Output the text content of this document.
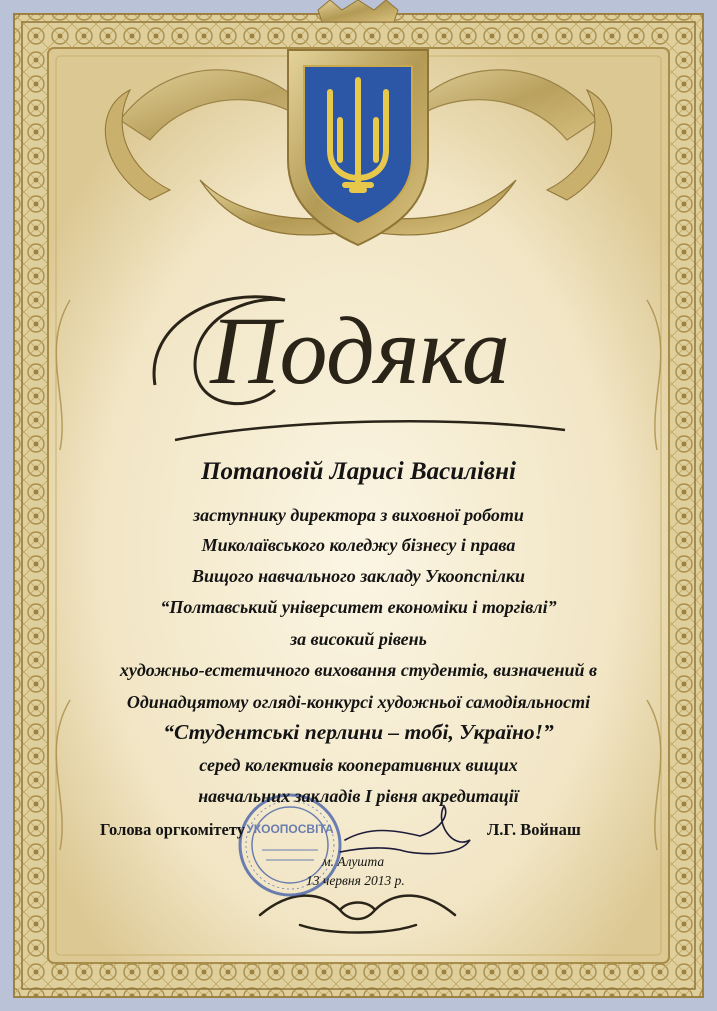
УКООПОСВІТА
Подяка
Потаповій Ларисі Василівні
заступнику директора з виховної роботи
Миколаївського коледжу бізнесу і права
Вищого навчального закладу Укоопспілки
“Полтавський університет економіки і торгівлі”
за високий рівень
художньо-естетичного виховання студентів, визначений в
Одинадцятому огляді-конкурсі художньої самодіяльності
“Студентські перлини – тобі, Україно!”
серед колективів кооперативних вищих
навчальних закладів І рівня акредитації
Голова оргкомітету	Л.Г. Войнаш
м. Алушта
13 червня 2013 р.
